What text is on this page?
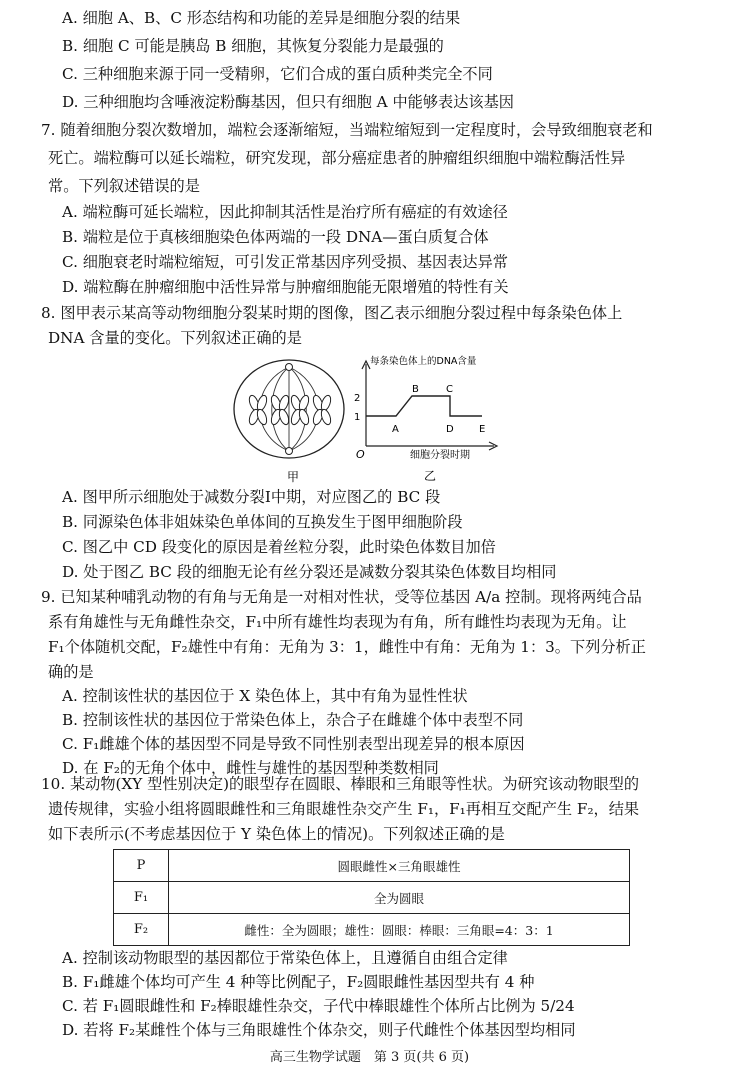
A. 细胞 A、B、C 形态结构和功能的差异是细胞分裂的结果
B. 细胞 C 可能是胰岛 B 细胞，其恢复分裂能力是最强的
C. 三种细胞来源于同一受精卵，它们合成的蛋白质种类完全不同
D. 三种细胞均含唾液淀粉酶基因，但只有细胞 A 中能够表达该基因
7. 随着细胞分裂次数增加，端粒会逐渐缩短，当端粒缩短到一定程度时，会导致细胞衰老和
死亡。端粒酶可以延长端粒，研究发现，部分癌症患者的肿瘤组织细胞中端粒酶活性异
常。下列叙述错误的是
A. 端粒酶可延长端粒，因此抑制其活性是治疗所有癌症的有效途径
B. 端粒是位于真核细胞染色体两端的一段 DNA—蛋白质复合体
C. 细胞衰老时端粒缩短，可引发正常基因序列受损、基因表达异常
D. 端粒酶在肿瘤细胞中活性异常与肿瘤细胞能无限增殖的特性有关
8. 图甲表示某高等动物细胞分裂某时期的图像，图乙表示细胞分裂过程中每条染色体上
DNA 含量的变化。下列叙述正确的是
甲
每条染色体上的DNA含量
2
1
A
B	C
D	E
O	细胞分裂时期
乙
A. 图甲所示细胞处于减数分裂Ⅰ中期，对应图乙的 BC 段
B. 同源染色体非姐妹染色单体间的互换发生于图甲细胞阶段
C. 图乙中 CD 段变化的原因是着丝粒分裂，此时染色体数目加倍
D. 处于图乙 BC 段的细胞无论有丝分裂还是减数分裂其染色体数目均相同
9. 已知某种哺乳动物的有角与无角是一对相对性状，受等位基因 A/a 控制。现将两纯合品
系有角雄性与无角雌性杂交，F₁中所有雄性均表现为有角，所有雌性均表现为无角。让
F₁个体随机交配，F₂雄性中有角：无角为 3：1，雌性中有角：无角为 1：3。下列分析正
确的是
A. 控制该性状的基因位于 X 染色体上，其中有角为显性性状
B. 控制该性状的基因位于常染色体上，杂合子在雌雄个体中表型不同
C. F₁雌雄个体的基因型不同是导致不同性别表型出现差异的根本原因
D. 在 F₂的无角个体中，雌性与雄性的基因型种类数相同
10. 某动物(XY 型性别决定)的眼型存在圆眼、棒眼和三角眼等性状。为研究该动物眼型的
遗传规律，实验小组将圆眼雌性和三角眼雄性杂交产生 F₁，F₁再相互交配产生 F₂，结果
如下表所示(不考虑基因位于 Y 染色体上的情况)。下列叙述正确的是
P	圆眼雌性×三角眼雄性
F₁	全为圆眼
F₂	雌性：全为圆眼；雄性：圆眼：棒眼：三角眼=4：3：1
A. 控制该动物眼型的基因都位于常染色体上，且遵循自由组合定律
B. F₁雌雄个体均可产生 4 种等比例配子，F₂圆眼雌性基因型共有 4 种
C. 若 F₁圆眼雌性和 F₂棒眼雄性杂交，子代中棒眼雄性个体所占比例为 5/24
D. 若将 F₂某雌性个体与三角眼雄性个体杂交，则子代雌性个体基因型均相同
高三生物学试题　第 3 页(共 6 页)
